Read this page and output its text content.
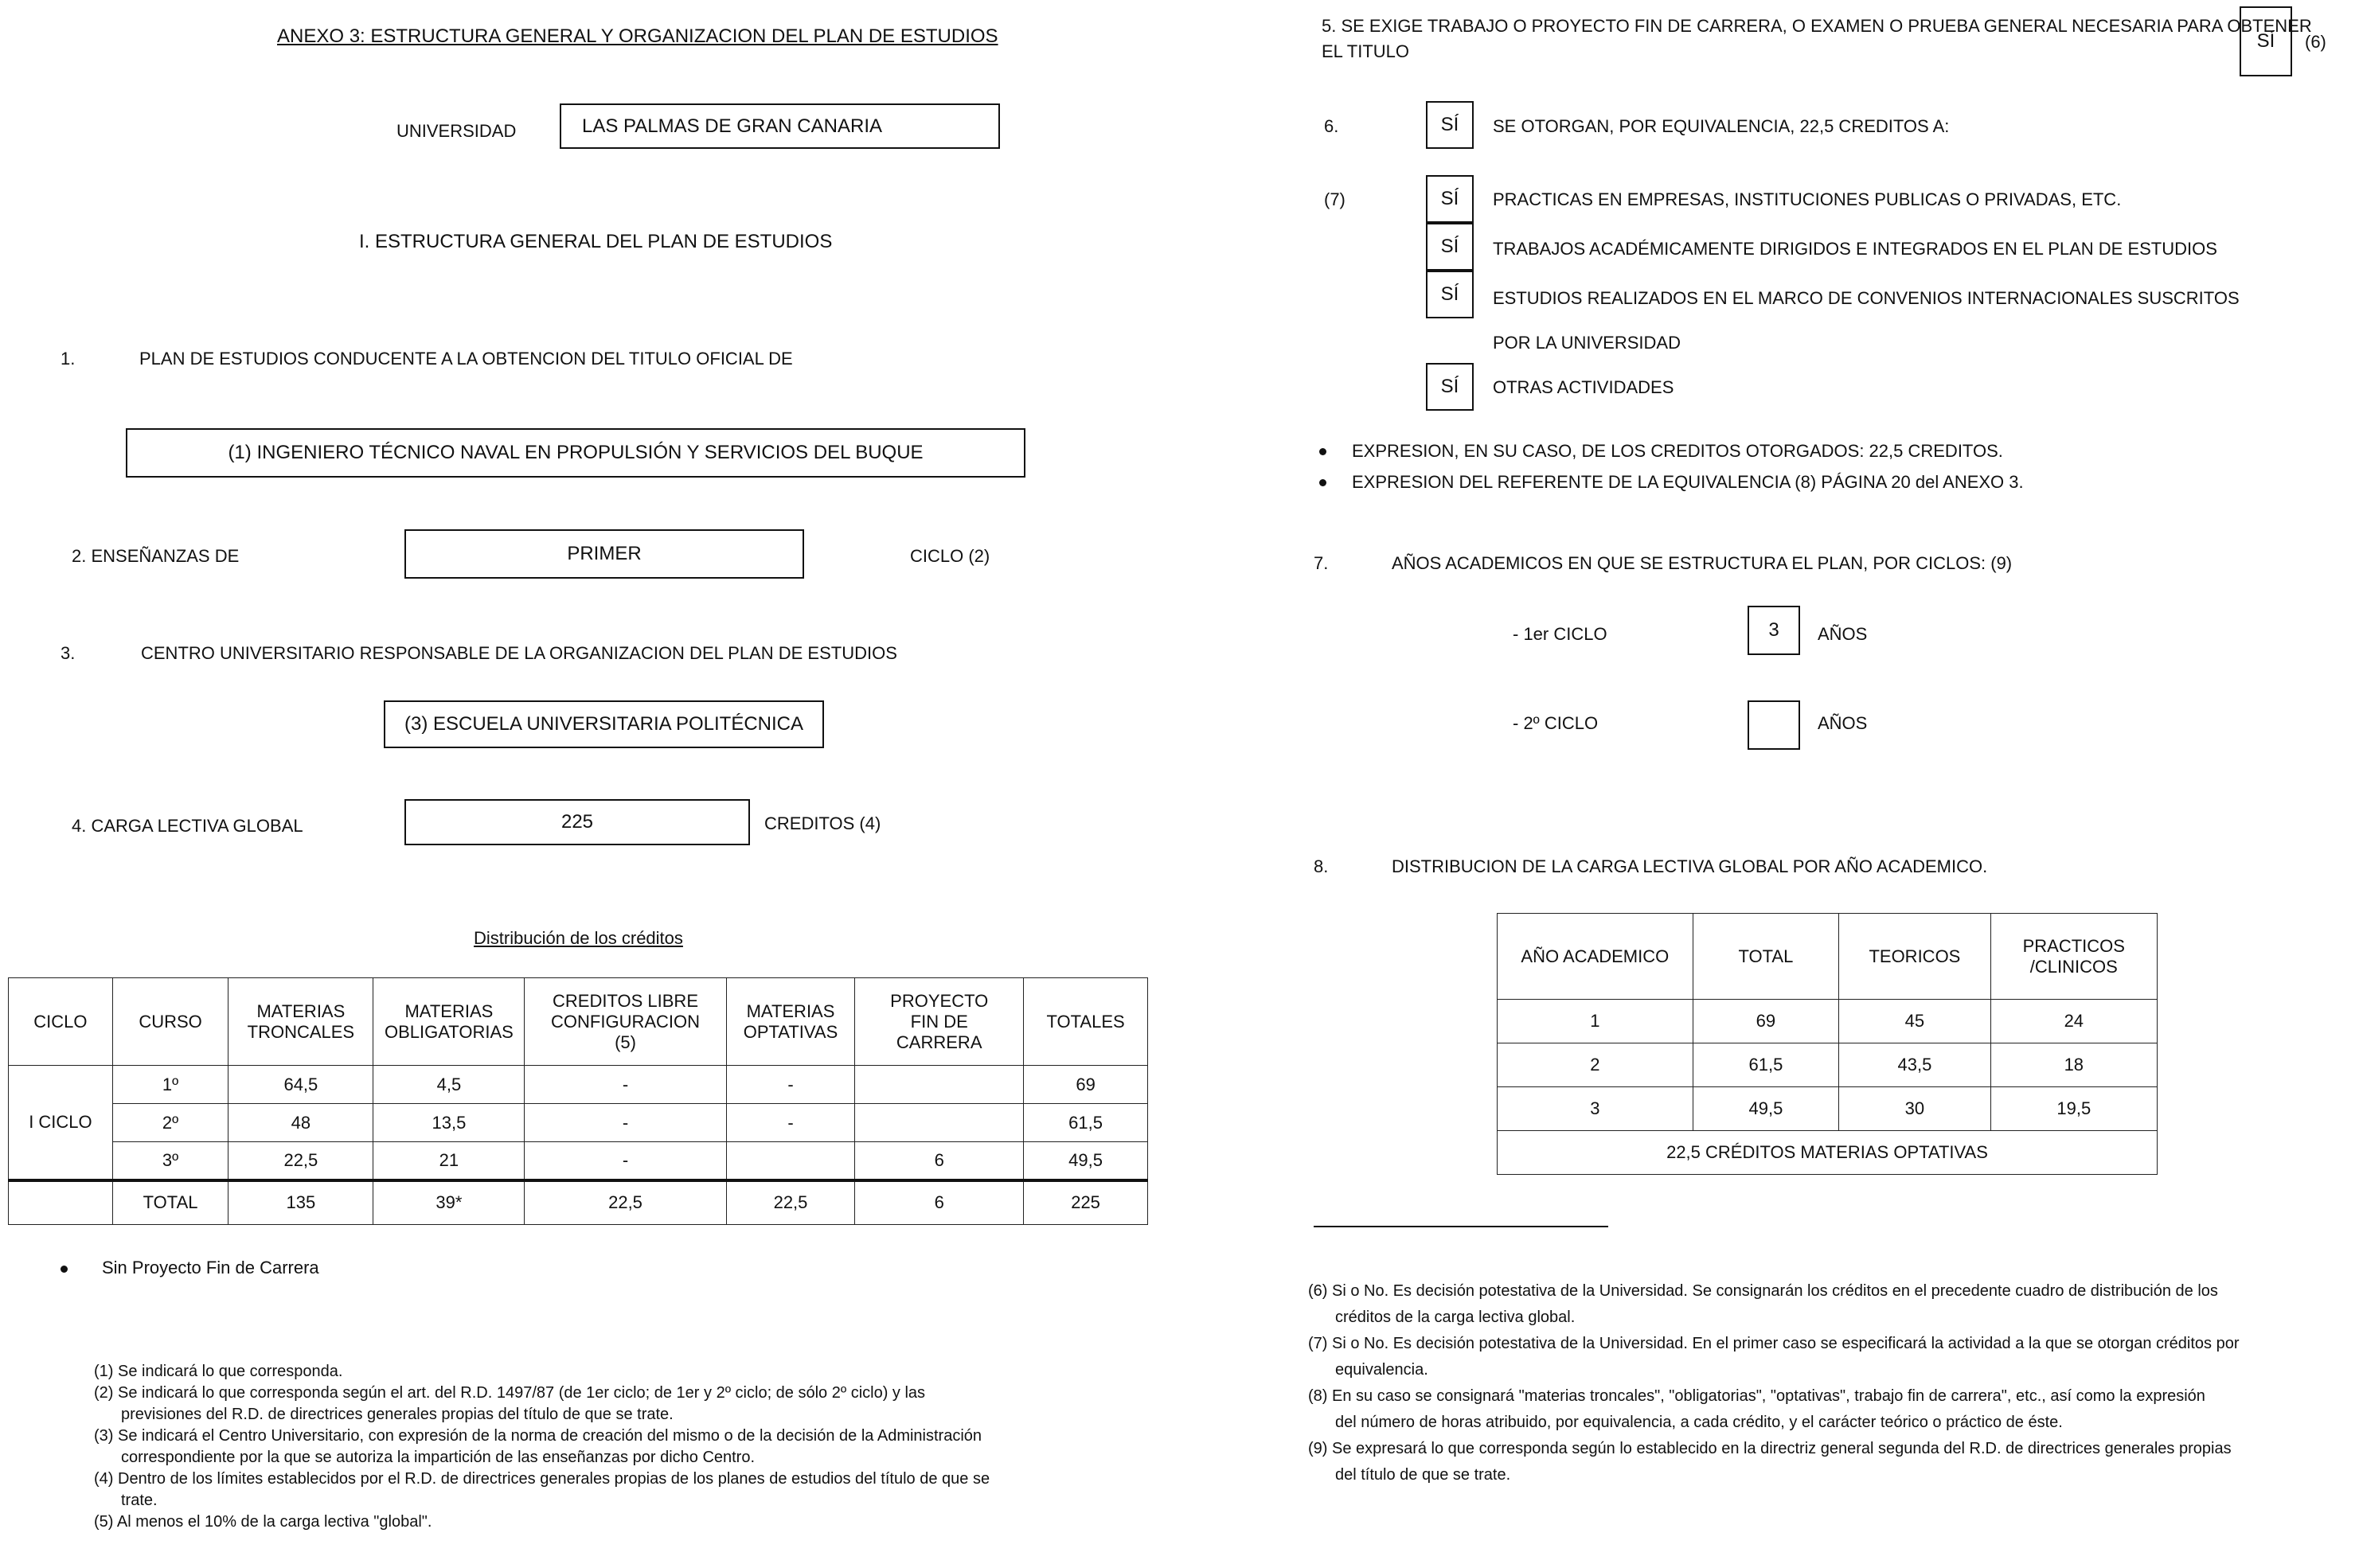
ANEXO 3: ESTRUCTURA GENERAL Y ORGANIZACION DEL PLAN DE ESTUDIOS
UNIVERSIDAD	LAS PALMAS DE GRAN CANARIA
I. ESTRUCTURA GENERAL DEL PLAN DE ESTUDIOS
1.	PLAN DE ESTUDIOS CONDUCENTE A LA OBTENCION DEL TITULO OFICIAL DE
(1) INGENIERO TÉCNICO NAVAL EN PROPULSIÓN Y SERVICIOS DEL BUQUE
2. ENSEÑANZAS DE	PRIMER	CICLO (2)
3.	CENTRO UNIVERSITARIO RESPONSABLE DE LA ORGANIZACION DEL PLAN DE ESTUDIOS
(3) ESCUELA UNIVERSITARIA POLITÉCNICA
4. CARGA LECTIVA GLOBAL	225	CREDITOS (4)
Distribución de los créditos
CICLO	CURSO	MATERIAS TRONCALES	MATERIAS OBLIGATORIAS	CREDITOS LIBRE CONFIGURACION (5)	MATERIAS OPTATIVAS	PROYECTO FIN DE CARRERA	TOTALES
I CICLO	1º	64,5	4,5	-	-		69
	2º	48	13,5	-	-		61,5
	3º	22,5	21	-		6	49,5
	TOTAL	135	39*	22,5	22,5	6	225
Sin Proyecto Fin de Carrera

(1) Se indicará lo que corresponda.

(2) Se indicará lo que corresponda según el art. del R.D. 1497/87 (de 1er ciclo; de 1er y 2º ciclo; de sólo 2º ciclo) y las

previsiones del R.D. de directrices generales propias del título de que se trate.

(3) Se indicará el Centro Universitario, con expresión de la norma de creación del mismo o de la decisión de la Administración

correspondiente por la que se autoriza la impartición de las enseñanzas por dicho Centro.

(4) Dentro de los límites establecidos por el R.D. de directrices generales propias de los planes de estudios del título de que se

trate.

(5) Al menos el 10% de la carga lectiva "global".

5. SE EXIGE TRABAJO O PROYECTO FIN DE CARRERA, O EXAMEN O PRUEBA GENERAL NECESARIA PARA OBTENER
EL TITULO	SÍ (6)
6.	SÍ SE OTORGAN, POR EQUIVALENCIA, 22,5 CREDITOS A:
(7)	SÍ PRACTICAS EN EMPRESAS, INSTITUCIONES PUBLICAS O PRIVADAS, ETC.
SÍ TRABAJOS ACADÉMICAMENTE DIRIGIDOS E INTEGRADOS EN EL PLAN DE ESTUDIOS
SÍ ESTUDIOS REALIZADOS EN EL MARCO DE CONVENIOS INTERNACIONALES SUSCRITOS
POR LA UNIVERSIDAD
SÍ OTRAS ACTIVIDADES
EXPRESION, EN SU CASO, DE LOS CREDITOS OTORGADOS: 22,5 CREDITOS.
EXPRESION DEL REFERENTE DE LA EQUIVALENCIA (8) PÁGINA 20 del ANEXO 3.
7.	AÑOS ACADEMICOS EN QUE SE ESTRUCTURA EL PLAN, POR CICLOS: (9)
- 1er CICLO	3 AÑOS
- 2º CICLO	AÑOS
8.	DISTRIBUCION DE LA CARGA LECTIVA GLOBAL POR AÑO ACADEMICO.
AÑO ACADEMICO	TOTAL	TEORICOS	PRACTICOS /CLINICOS
1	69	45	24
2	61,5	43,5	18
3	49,5	30	19,5
22,5 CRÉDITOS MATERIAS OPTATIVAS			

(6) Si o No. Es decisión potestativa de la Universidad. Se consignarán los créditos en el precedente cuadro de distribución de los

créditos de la carga lectiva global.

(7) Si o No. Es decisión potestativa de la Universidad. En el primer caso se especificará la actividad a la que se otorgan créditos por

equivalencia.

(8) En su caso se consignará "materias troncales", "obligatorias", "optativas", trabajo fin de carrera", etc., así como la expresión

del número de horas atribuido, por equivalencia, a cada crédito, y el carácter teórico o práctico de éste.

(9) Se expresará lo que corresponda según lo establecido en la directriz general segunda del R.D. de directrices generales propias

del título de que se trate.
